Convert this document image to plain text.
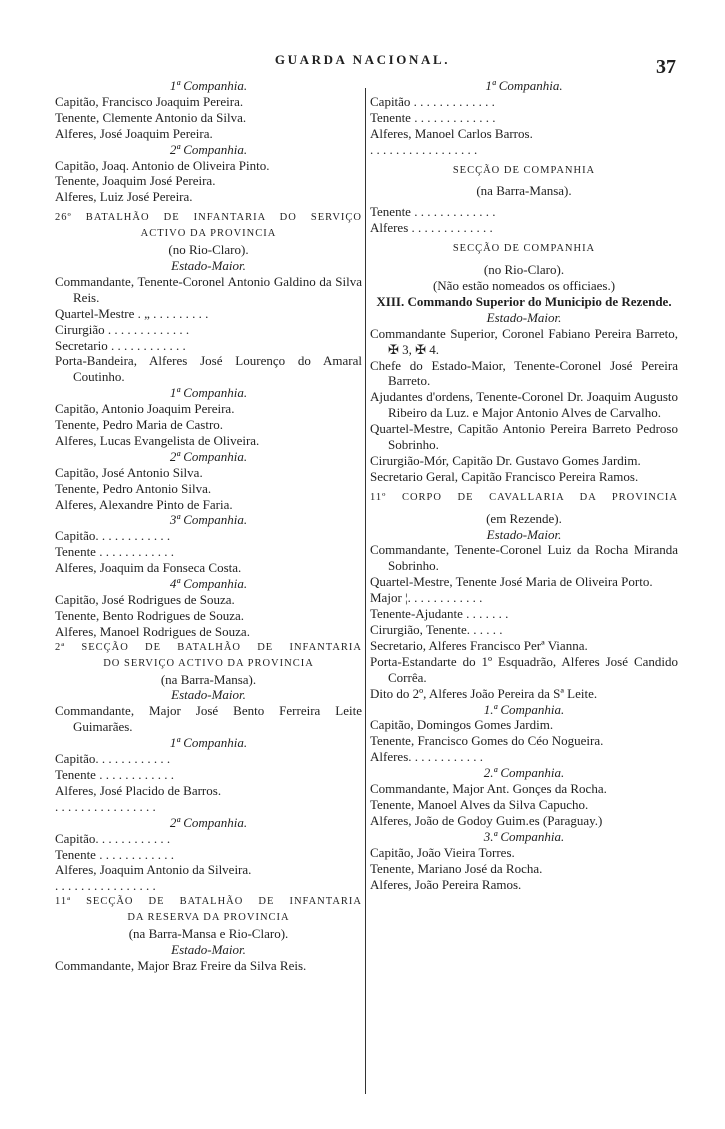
GUARDA NACIONAL.	37
1ª Companhia.
Capitão, Francisco Joaquim Pereira.
Tenente, Clemente Antonio da Silva.
Alferes, José Joaquim Pereira.
2ª Companhia.
Capitão, Joaq. Antonio de Oliveira Pinto.
Tenente, Joaquim José Pereira.
Alferes, Luiz José Pereira.
26º BATALHÃO DE INFANTARIA DO SERVIÇO
ACTIVO DA PROVINCIA
(no Rio-Claro).
Estado-Maior.
Commandante, Tenente-Coronel Antonio Galdino da Silva Reis.
Quartel-Mestre . „ . . . . . . . . .
Cirurgião . . . . . . . . . . . . .
Secretario . . . . . . . . . . . .
Porta-Bandeira, Alferes José Lourenço do Amaral Coutinho.
1ª Companhia.
Capitão, Antonio Joaquim Pereira.
Tenente, Pedro Maria de Castro.
Alferes, Lucas Evangelista de Oliveira.
2ª Companhia.
Capitão, José Antonio Silva.
Tenente, Pedro Antonio Silva.
Alferes, Alexandre Pinto de Faria.
3ª Companhia.
Capitão. . . . . . . . . . . .
Tenente . . . . . . . . . . . .
Alferes, Joaquim da Fonseca Costa.
4ª Companhia.
Capitão, José Rodrigues de Souza.
Tenente, Bento Rodrigues de Souza.
Alferes, Manoel Rodrigues de Souza.
2ª SECÇÃO DE BATALHÃO DE INFANTARIA
DO SERVIÇO ACTIVO DA PROVINCIA
(na Barra-Mansa).
Estado-Maior.
Commandante, Major José Bento Ferreira Leite Guimarães.
1ª Companhia.
Capitão. . . . . . . . . . . .
Tenente . . . . . . . . . . . .
Alferes, José Placido de Barros.
. . . . . . . . . . . . . . . .
2ª Companhia.
Capitão. . . . . . . . . . . .
Tenente . . . . . . . . . . . .
Alferes, Joaquim Antonio da Silveira.
. . . . . . . . . . . . . . . .
11ª SECÇÃO DE BATALHÃO DE INFANTARIA
DA RESERVA DA PROVINCIA
(na Barra-Mansa e Rio-Claro).
Estado-Maior.
Commandante, Major Braz Freire da Silva Reis.
1ª Companhia.
Capitão . . . . . . . . . . . . .
Tenente . . . . . . . . . . . . .
Alferes, Manoel Carlos Barros.
. . . . . . . . . . . . . . . . .
SECÇÃO DE COMPANHIA
(na Barra-Mansa).
Tenente . . . . . . . . . . . . .
Alferes . . . . . . . . . . . . .
SECÇÃO DE COMPANHIA
(no Rio-Claro).
(Não estão nomeados os officiaes.)
XIII. Commando Superior do Municipio de Rezende.
Estado-Maior.
Commandante Superior, Coronel Fabiano Pereira Barreto, ✠ 3, ✠ 4.
Chefe do Estado-Maior, Tenente-Coronel José Pereira Barreto.
Ajudantes d'ordens, Tenente-Coronel Dr. Joaquim Augusto Ribeiro da Luz. e Major Antonio Alves de Carvalho.
Quartel-Mestre, Capitão Antonio Pereira Barreto Pedroso Sobrinho.
Cirurgião-Mór, Capitão Dr. Gustavo Gomes Jardim.
Secretario Geral, Capitão Francisco Pereira Ramos.
11º CORPO DE CAVALLARIA DA PROVINCIA
(em Rezende).
Estado-Maior.
Commandante, Tenente-Coronel Luiz da Rocha Miranda Sobrinho.
Quartel-Mestre, Tenente José Maria de Oliveira Porto.
Major ¦. . . . . . . . . . . .
Tenente-Ajudante . . . . . . .
Cirurgião, Tenente. . . . . .
Secretario, Alferes Francisco Perª Vianna.
Porta-Estandarte do 1º Esquadrão, Alferes José Candido Corrêa.
Dito do 2º, Alferes João Pereira da Sª Leite.
1.ª Companhia.
Capitão, Domingos Gomes Jardim.
Tenente, Francisco Gomes do Céo Nogueira.
Alferes. . . . . . . . . . . .
2.ª Companhia.
Commandante, Major Ant. Gonçes da Rocha.
Tenente, Manoel Alves da Silva Capucho.
Alferes, João de Godoy Guim.es (Paraguay.)
3.ª Companhia.
Capitão, João Vieira Torres.
Tenente, Mariano José da Rocha.
Alferes, João Pereira Ramos.
